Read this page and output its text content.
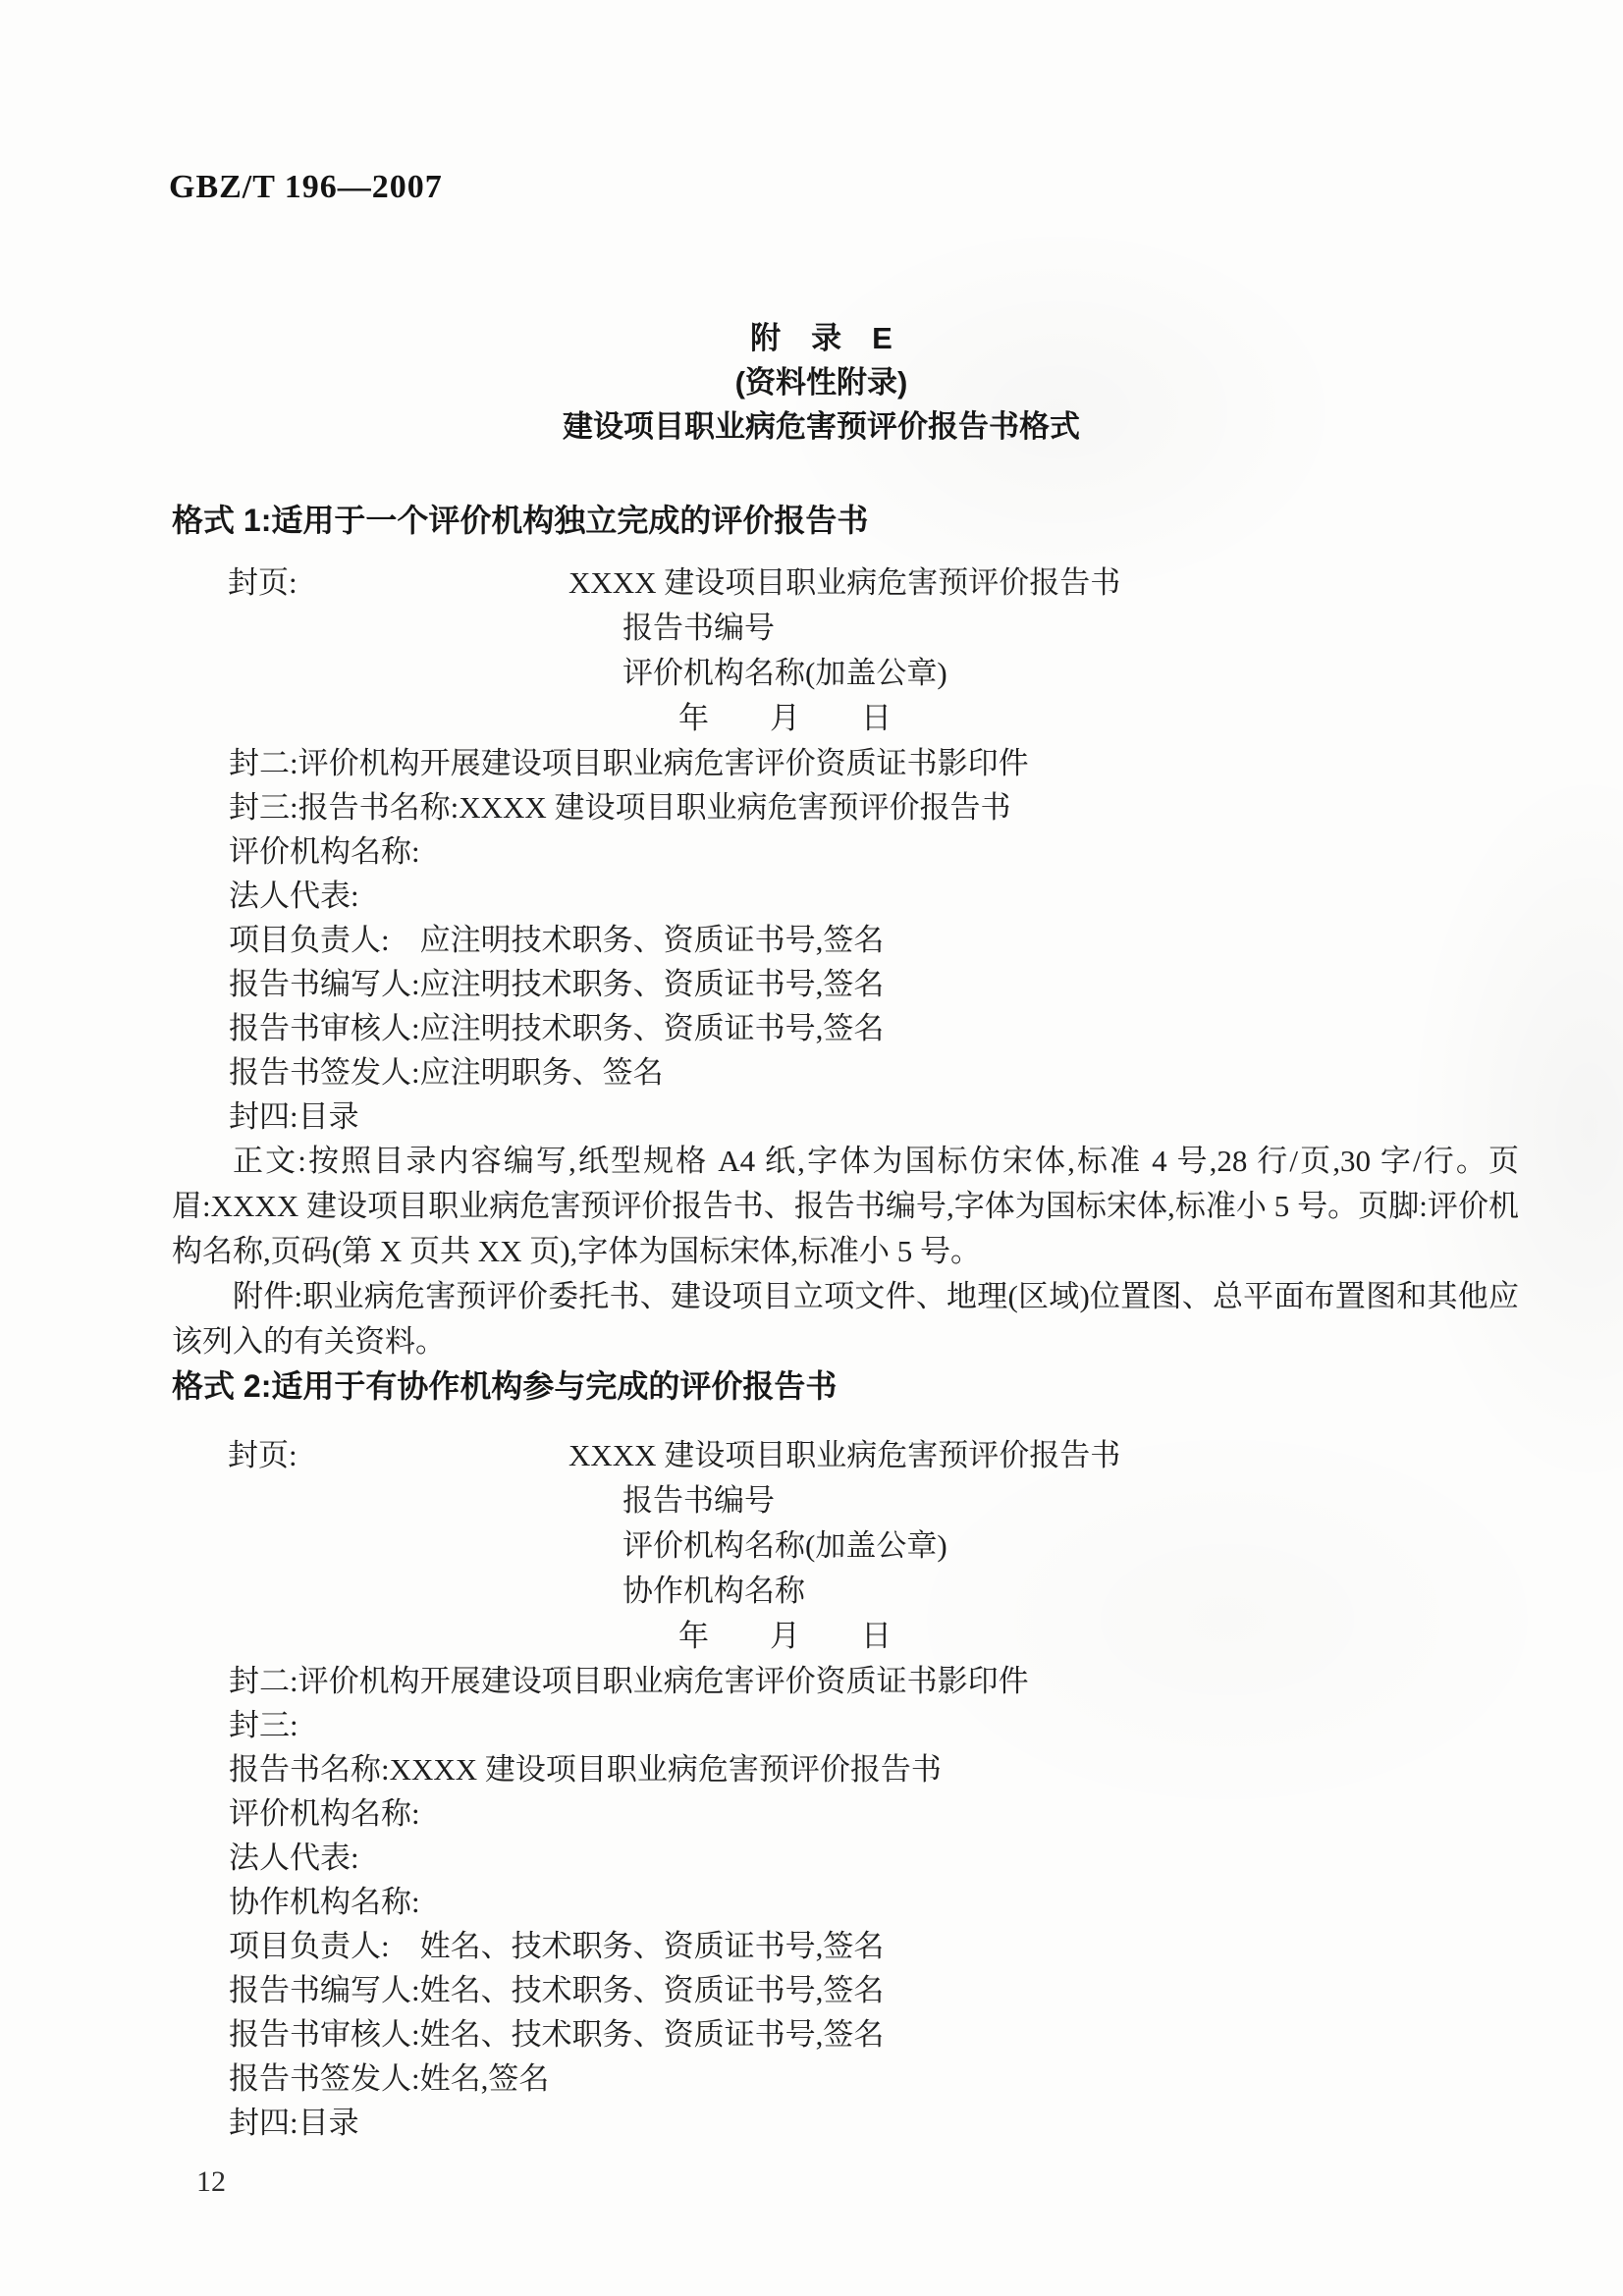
GBZ/T 196—2007
附　录　E
(资料性附录)
建设项目职业病危害预评价报告书格式
格式 1:适用于一个评价机构独立完成的评价报告书
封页:	XXXX 建设项目职业病危害预评价报告书
报告书编号
评价机构名称(加盖公章)
年　　月　　日
封二:评价机构开展建设项目职业病危害评价资质证书影印件
封三:报告书名称:XXXX 建设项目职业病危害预评价报告书
评价机构名称:
法人代表:
项目负责人:　应注明技术职务、资质证书号,签名
报告书编写人:应注明技术职务、资质证书号,签名
报告书审核人:应注明技术职务、资质证书号,签名
报告书签发人:应注明职务、签名
封四:目录

正文:按照目录内容编写,纸型规格 A4 纸,字体为国标仿宋体,标准 4 号,28 行/页,30 字/行。页眉:XXXX 建设项目职业病危害预评价报告书、报告书编号,字体为国标宋体,标准小 5 号。页脚:评价机构名称,页码(第 X 页共 XX 页),字体为国标宋体,标准小 5 号。

附件:职业病危害预评价委托书、建设项目立项文件、地理(区域)位置图、总平面布置图和其他应该列入的有关资料。

格式 2:适用于有协作机构参与完成的评价报告书
封页:	XXXX 建设项目职业病危害预评价报告书
报告书编号
评价机构名称(加盖公章)
协作机构名称
年　　月　　日
封二:评价机构开展建设项目职业病危害评价资质证书影印件
封三:
报告书名称:XXXX 建设项目职业病危害预评价报告书
评价机构名称:
法人代表:
协作机构名称:
项目负责人:　姓名、技术职务、资质证书号,签名
报告书编写人:姓名、技术职务、资质证书号,签名
报告书审核人:姓名、技术职务、资质证书号,签名
报告书签发人:姓名,签名
封四:目录
12
